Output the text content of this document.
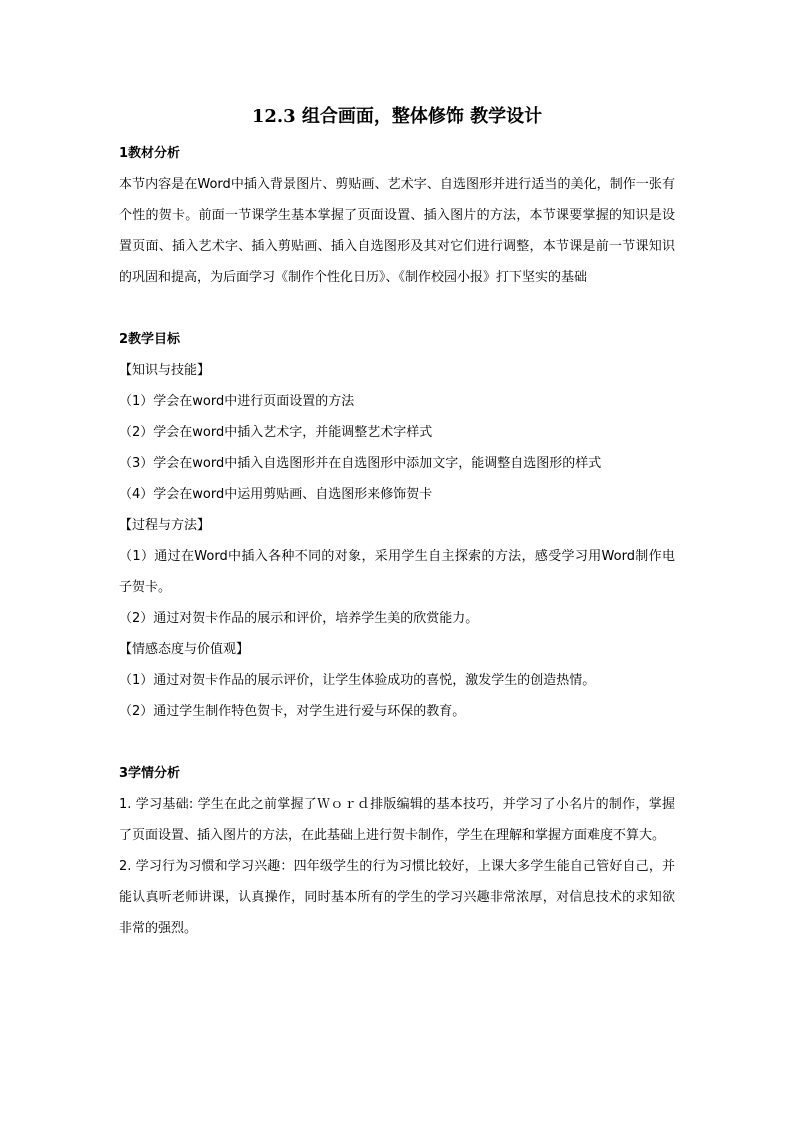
12.3 组合画面，整体修饰 教学设计
1教材分析

本节内容是在Word中插入背景图片、剪贴画、艺术字、自选图形并进行适当的美化，制作一张有个性的贺卡。前面一节课学生基本掌握了页面设置、插入图片的方法，本节课要掌握的知识是设置页面、插入艺术字、插入剪贴画、插入自选图形及其对它们进行调整，本节课是前一节课知识的巩固和提高，为后面学习《制作个性化日历》、《制作校园小报》打下坚实的基础

2教学目标

【知识与技能】

（1）学会在word中进行页面设置的方法

（2）学会在word中插入艺术字，并能调整艺术字样式

（3）学会在word中插入自选图形并在自选图形中添加文字，能调整自选图形的样式

（4）学会在word中运用剪贴画、自选图形来修饰贺卡

【过程与方法】

（1）通过在Word中插入各种不同的对象，采用学生自主探索的方法，感受学习用Word制作电子贺卡。

（2）通过对贺卡作品的展示和评价，培养学生美的欣赏能力。

【情感态度与价值观】

（1）通过对贺卡作品的展示评价，让学生体验成功的喜悦，激发学生的创造热情。

（2）通过学生制作特色贺卡，对学生进行爱与环保的教育。

3学情分析

1. 学习基础: 学生在此之前掌握了Ｗｏｒｄ排版编辑的基本技巧，并学习了小名片的制作，掌握了页面设置、插入图片的方法，在此基础上进行贺卡制作，学生在理解和掌握方面难度不算大。

2. 学习行为习惯和学习兴趣：四年级学生的行为习惯比较好，上课大多学生能自己管好自己，并能认真听老师讲课，认真操作，同时基本所有的学生的学习兴趣非常浓厚，对信息技术的求知欲非常的强烈。
